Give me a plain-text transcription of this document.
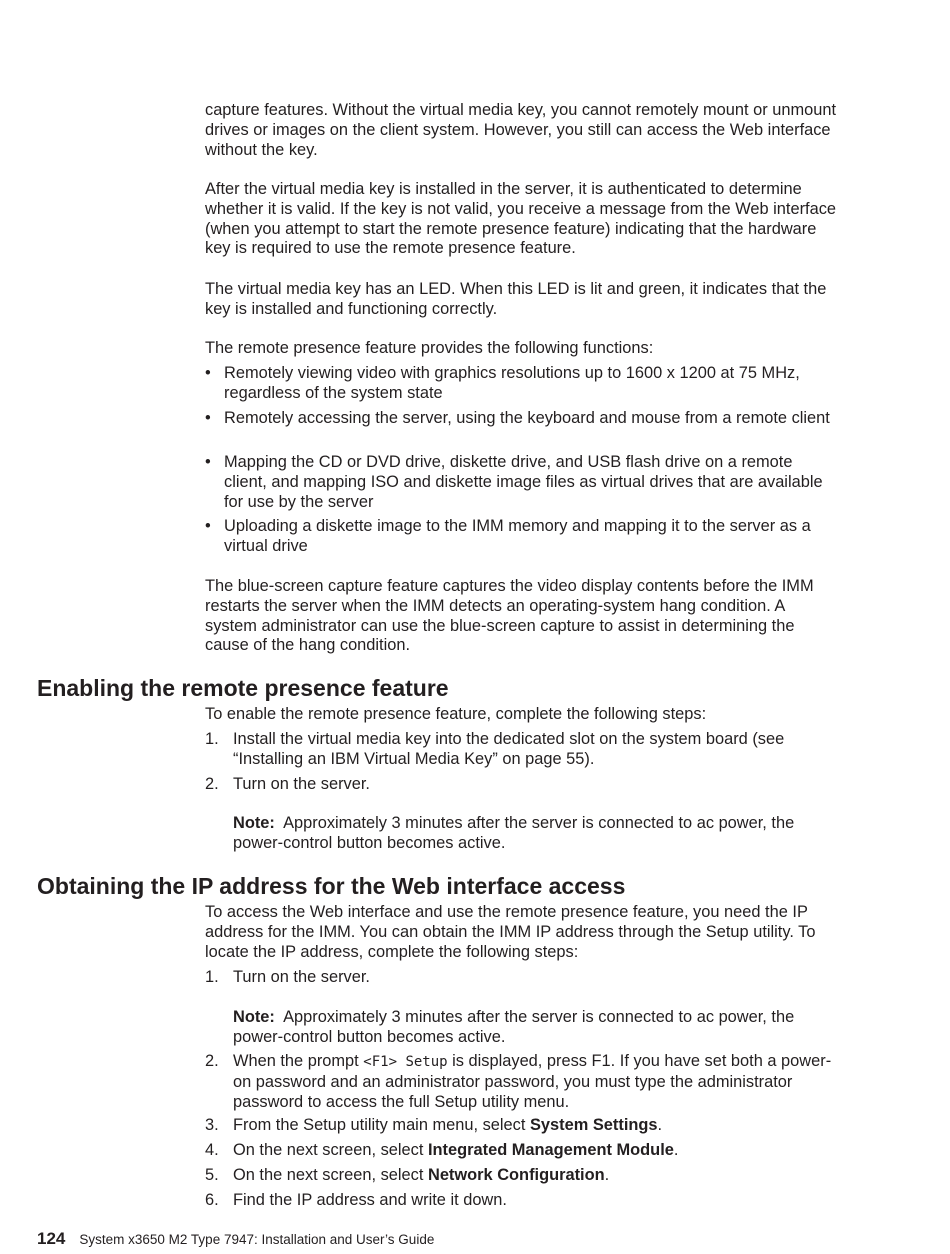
capture features. Without the virtual media key, you cannot remotely mount or unmount drives or images on the client system. However, you still can access the Web interface without the key.

After the virtual media key is installed in the server, it is authenticated to determine whether it is valid. If the key is not valid, you receive a message from the Web interface (when you attempt to start the remote presence feature) indicating that the hardware key is required to use the remote presence feature.

The virtual media key has an LED. When this LED is lit and green, it indicates that the key is installed and functioning correctly.

The remote presence feature provides the following functions:

• Remotely viewing video with graphics resolutions up to 1600 x 1200 at 75 MHz, regardless of the system state
• Remotely accessing the server, using the keyboard and mouse from a remote client
• Mapping the CD or DVD drive, diskette drive, and USB flash drive on a remote client, and mapping ISO and diskette image files as virtual drives that are available for use by the server
• Uploading a diskette image to the IMM memory and mapping it to the server as a virtual drive

The blue-screen capture feature captures the video display contents before the IMM restarts the server when the IMM detects an operating-system hang condition. A system administrator can use the blue-screen capture to assist in determining the cause of the hang condition.

Enabling the remote presence feature

To enable the remote presence feature, complete the following steps:

1. Install the virtual media key into the dedicated slot on the system board (see “Installing an IBM Virtual Media Key” on page 55).
2. Turn on the server.

Note: Approximately 3 minutes after the server is connected to ac power, the power-control button becomes active.

Obtaining the IP address for the Web interface access

To access the Web interface and use the remote presence feature, you need the IP address for the IMM. You can obtain the IMM IP address through the Setup utility. To locate the IP address, complete the following steps:

1. Turn on the server.

Note: Approximately 3 minutes after the server is connected to ac power, the power-control button becomes active.

2. When the prompt <F1> Setup is displayed, press F1. If you have set both a power-on password and an administrator password, you must type the administrator password to access the full Setup utility menu.
3. From the Setup utility main menu, select System Settings.
4. On the next screen, select Integrated Management Module.
5. On the next screen, select Network Configuration.
6. Find the IP address and write it down.
124 System x3650 M2 Type 7947: Installation and User’s Guide
